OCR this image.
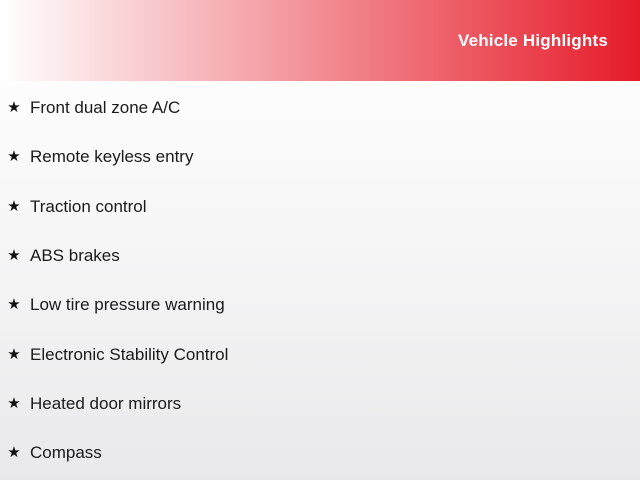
Vehicle Highlights
★ Front dual zone A/C
★ Remote keyless entry
★ Traction control
★ ABS brakes
★ Low tire pressure warning
★ Electronic Stability Control
★ Heated door mirrors
★ Compass
